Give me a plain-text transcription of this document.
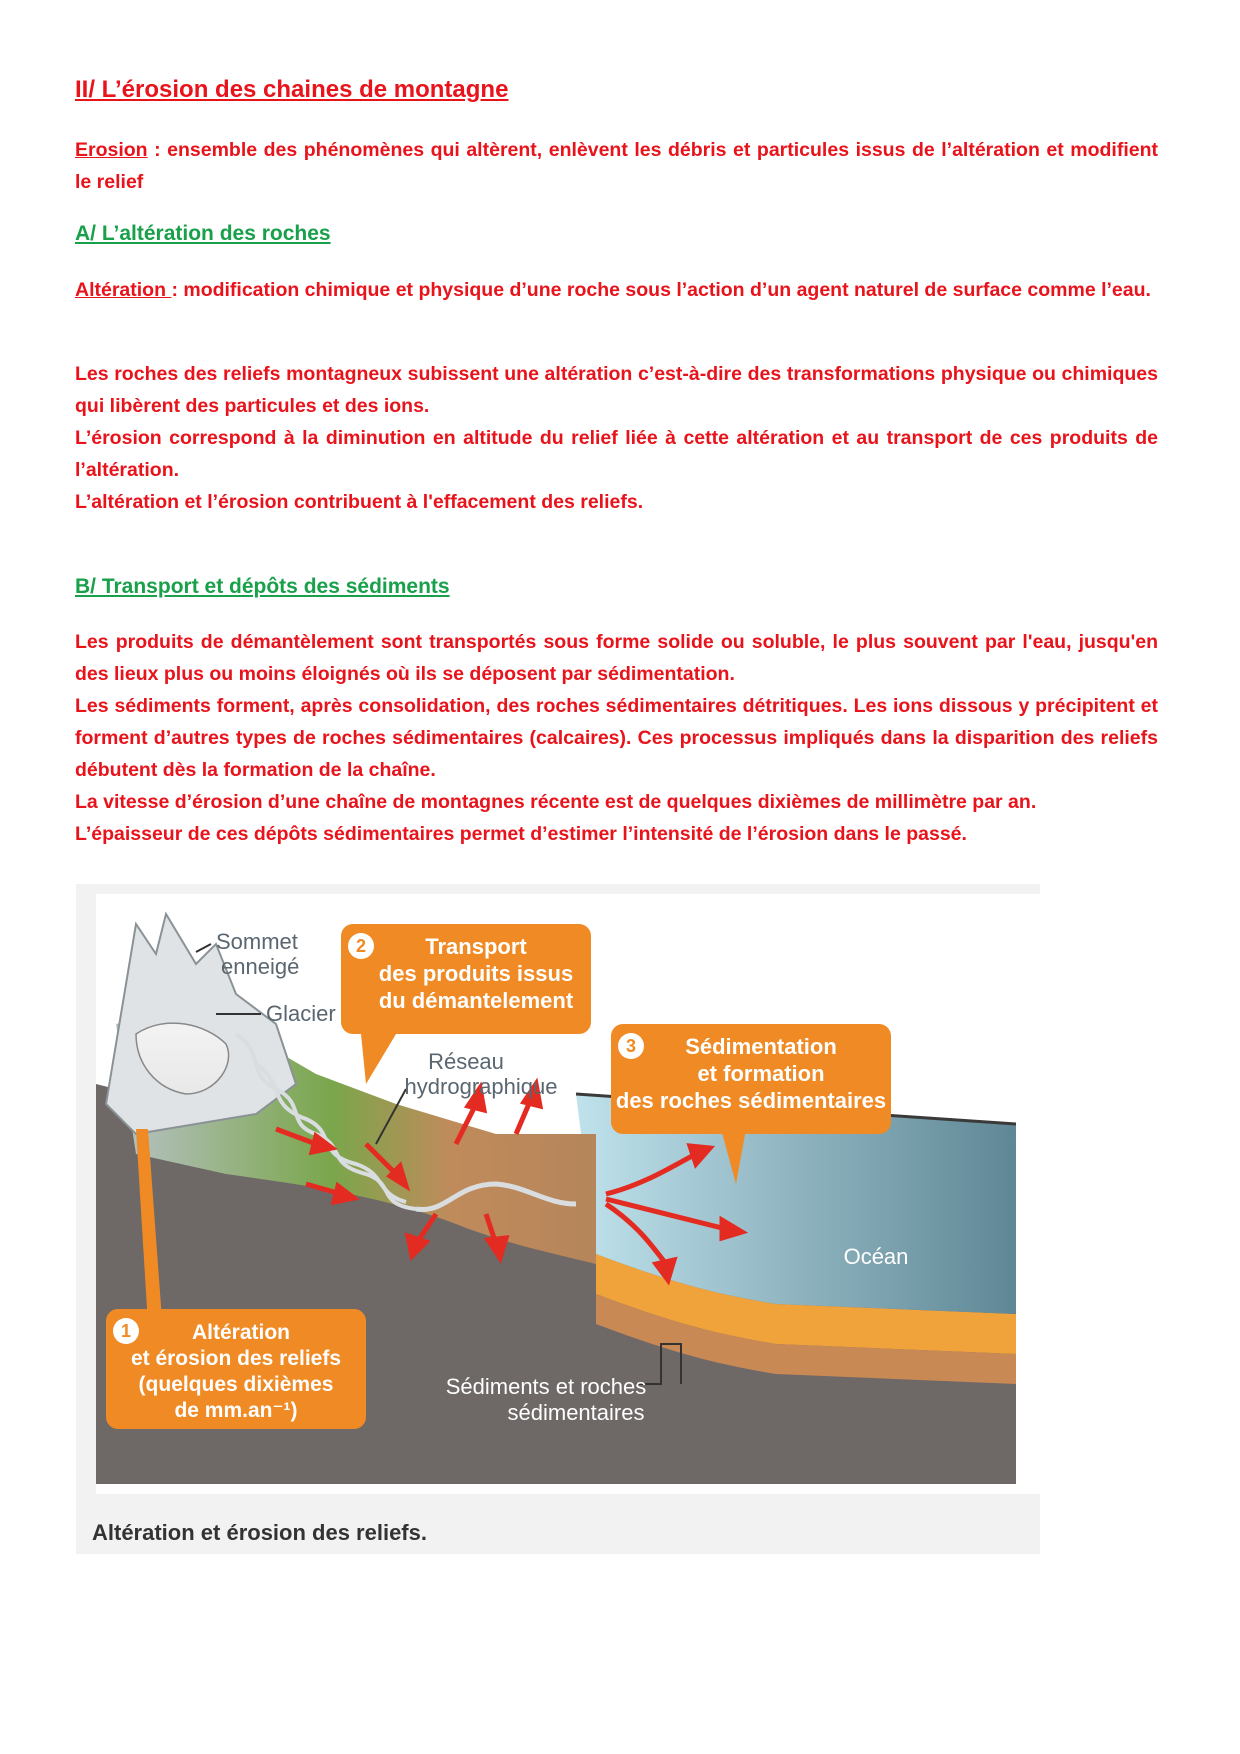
II/ L’érosion des chaines de montagne
Erosion : ensemble des phénomènes qui altèrent, enlèvent les débris et particules issus de l’altération et modifient le relief
A/ L’altération des roches
Altération : modification chimique et physique d’une roche sous l’action d’un agent naturel de surface comme l’eau.
Les roches des reliefs montagneux subissent une altération c’est-à-dire des transformations physique ou chimiques qui libèrent des particules et des ions.
L’érosion correspond à la diminution en altitude du relief liée à cette altération et au transport de ces produits de l’altération.
L’altération et l’érosion contribuent à l'effacement des reliefs.
B/ Transport et dépôts des sédiments
Les produits de démantèlement sont transportés sous forme solide ou soluble, le plus souvent par l'eau, jusqu'en des lieux plus ou moins éloignés où ils se déposent par sédimentation.
Les sédiments forment, après consolidation, des roches sédimentaires détritiques. Les ions dissous y précipitent et forment d’autres types de roches sédimentaires (calcaires). Ces processus impliqués dans la disparition des reliefs débutent dès la formation de la chaîne.
La vitesse d’érosion d’une chaîne de montagnes récente est de quelques dixièmes de millimètre par an.
L’épaisseur de ces dépôts sédimentaires permet d’estimer l’intensité de l’érosion dans le passé.
2
3
1
Transport
des produits issus
du démantelement
Sédimentation
et formation
des roches sédimentaires
Altération
et érosion des reliefs
(quelques dixièmes
de mm.an⁻¹)
Sommet
enneigé
Glacier
Réseau
hydrographique
Océan
Sédiments et roches
sédimentaires
Altération et érosion des reliefs.
